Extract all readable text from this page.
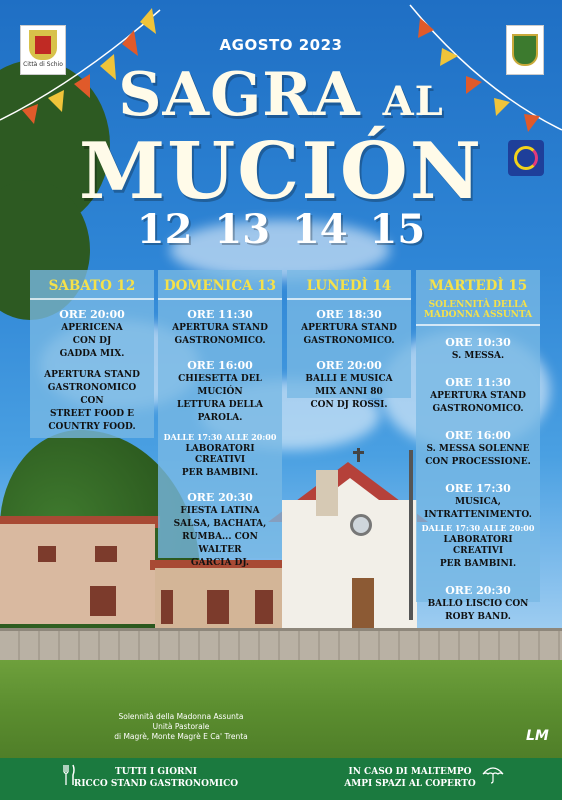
Città di Schio
AGOSTO 2023
SAGRA AL
MUCIÓN
12 13 14 15
SABATO 12
ORE 20:00
APERICENA
CON DJ
GADDA MIX.
APERTURA STAND
GASTRONOMICO
CON
STREET FOOD E
COUNTRY FOOD.
DOMENICA 13
ORE 11:30
APERTURA STAND
GASTRONOMICO.
ORE 16:00
CHIESETTA DEL
MUCIÓN
LETTURA DELLA
PAROLA.
DALLE 17:30 ALLE 20:00
LABORATORI CREATIVI
PER BAMBINI.
ORE 20:30
FIESTA LATINA
SALSA, BACHATA,
RUMBA... CON
WALTER
GARCIA DJ.
LUNEDÌ 14
ORE 18:30
APERTURA STAND
GASTRONOMICO.
ORE 20:00
BALLI E MUSICA
MIX ANNI 80
CON DJ ROSSI.
MARTEDÌ 15
SOLENNITÀ DELLA MADONNA ASSUNTA
ORE 10:30
S. MESSA.
ORE 11:30
APERTURA STAND
GASTRONOMICO.
ORE 16:00
S. MESSA SOLENNE
CON PROCESSIONE.
ORE 17:30
MUSICA,
INTRATTENIMENTO.
DALLE 17:30 ALLE 20:00
LABORATORI CREATIVI
PER BAMBINI.
ORE 20:30
BALLO LISCIO CON
ROBY BAND.
Solennità della Madonna Assunta
Unità Pastorale
di Magrè, Monte Magrè E Ca' Trenta	LM
TUTTI I GIORNI
RICCO STAND GASTRONOMICO
IN CASO DI MALTEMPO
AMPI SPAZI AL COPERTO
